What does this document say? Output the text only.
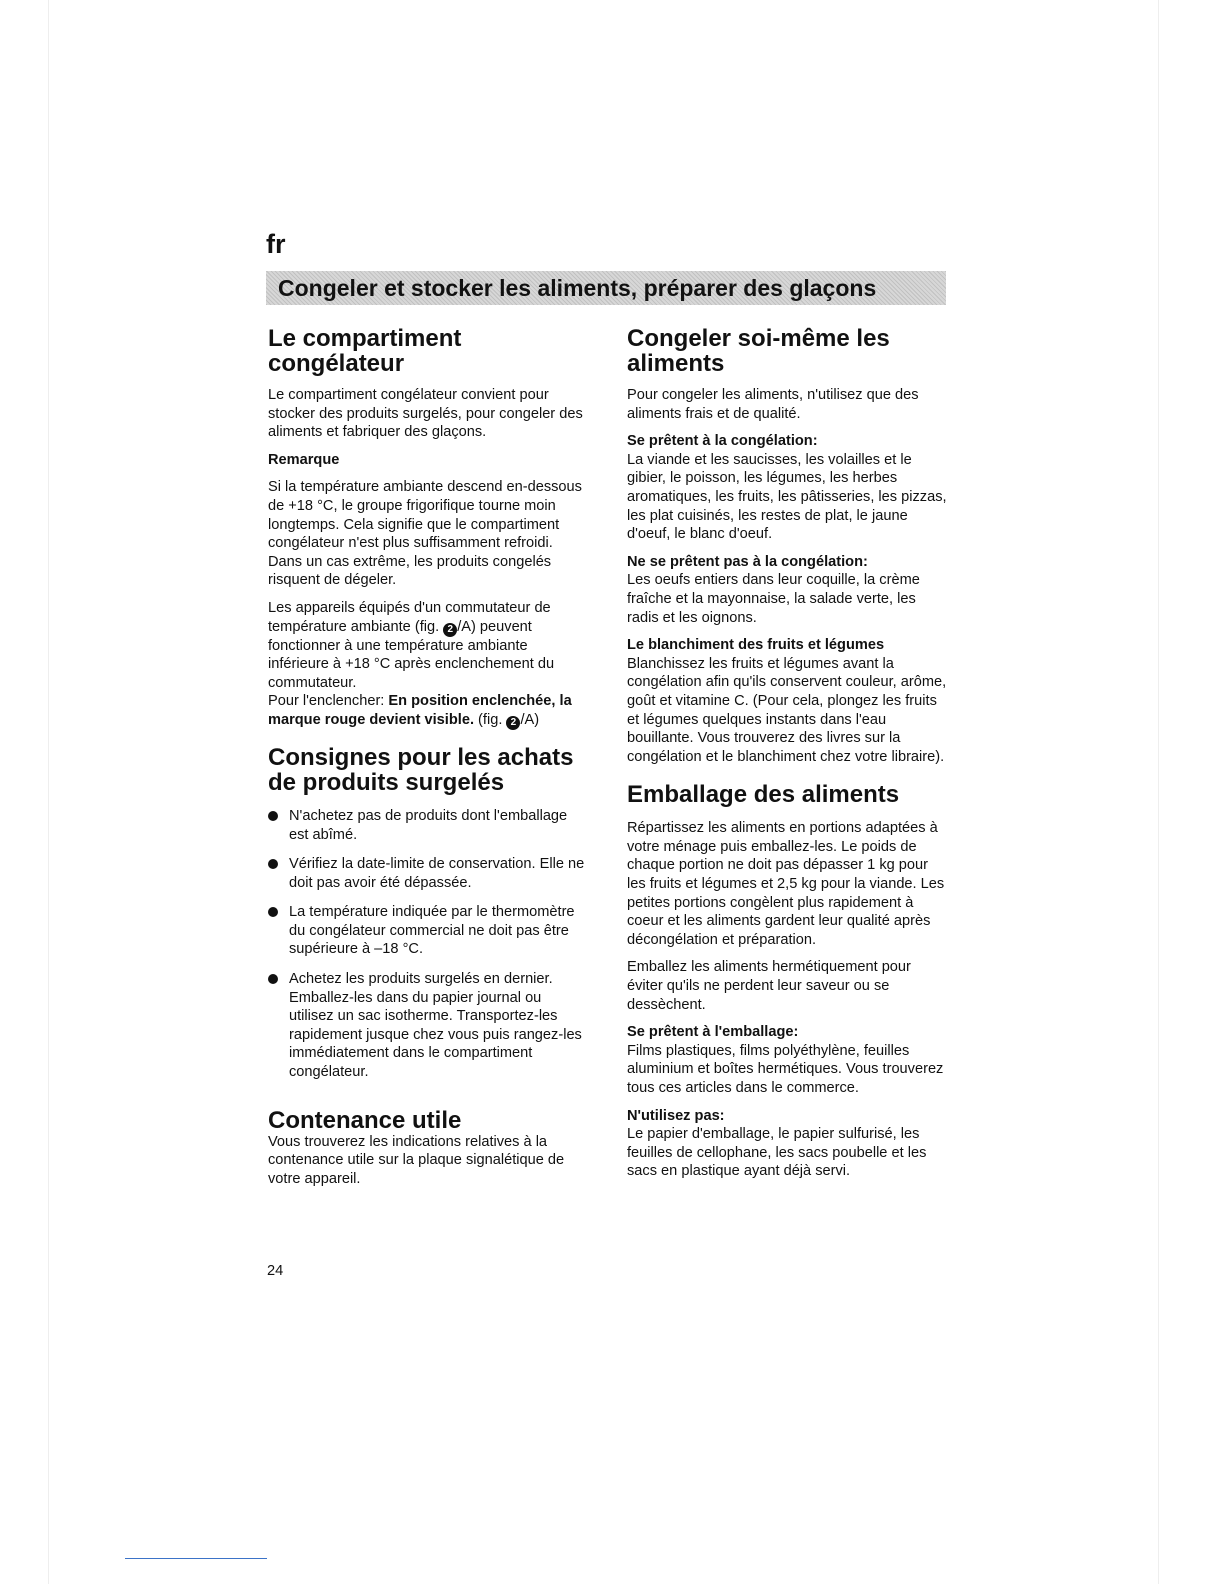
fr
Congeler et stocker les aliments, préparer des glaçons
Le compartiment
congélateur

Le compartiment congélateur convient pour stocker des produits surgelés, pour congeler des aliments et fabriquer des glaçons.

Remarque

Si la température ambiante descend en-dessous de +18 °C, le groupe frigorifique tourne moin longtemps. Cela signifie que le compartiment congélateur n'est plus suffisamment refroidi. Dans un cas extrême, les produits congelés risquent de dégeler.

Les appareils équipés d'un commutateur de température ambiante (fig. 2 /A) peuvent fonctionner à une température ambiante inférieure à +18 °C après enclenchement du commutateur.
Pour l'enclencher: En position enclenchée, la marque rouge devient visible. (fig. 2 /A)

Consignes pour les achats
de produits surgelés
N'achetez pas de produits dont l'emballage est abîmé.
Vérifiez la date-limite de conservation. Elle ne doit pas avoir été dépassée.
La température indiquée par le thermomètre du congélateur commercial ne doit pas être supérieure à –18 °C.
Achetez les produits surgelés en dernier. Emballez-les dans du papier journal ou utilisez un sac isotherme. Transportez-les rapidement jusque chez vous puis rangez-les immédiatement dans le compartiment congélateur.
Contenance utile

Vous trouverez les indications relatives à la contenance utile sur la plaque signalétique de votre appareil.

Congeler soi-même les
aliments

Pour congeler les aliments, n'utilisez que des aliments frais et de qualité.

Se prêtent à la congélation:

La viande et les saucisses, les volailles et le gibier, le poisson, les légumes, les herbes aromatiques, les fruits, les pâtisseries, les pizzas, les plat cuisinés, les restes de plat, le jaune d'oeuf, le blanc d'oeuf.

Ne se prêtent pas à la congélation:

Les oeufs entiers dans leur coquille, la crème fraîche et la mayonnaise, la salade verte, les radis et les oignons.

Le blanchiment des fruits et légumes

Blanchissez les fruits et légumes avant la congélation afin qu'ils conservent couleur, arôme, goût et vitamine C. (Pour cela, plongez les fruits et légumes quelques instants dans l'eau bouillante. Vous trouverez des livres sur la congélation et le blanchiment chez votre libraire).

Emballage des aliments

Répartissez les aliments en portions adaptées à votre ménage puis emballez-les. Le poids de chaque portion ne doit pas dépasser 1 kg pour les fruits et légumes et 2,5 kg pour la viande. Les petites portions congèlent plus rapidement à coeur et les aliments gardent leur qualité après décongélation et préparation.

Emballez les aliments hermétiquement pour éviter qu'ils ne perdent leur saveur ou se dessèchent.

Se prêtent à l'emballage:

Films plastiques, films polyéthylène, feuilles aluminium et boîtes hermétiques. Vous trouverez tous ces articles dans le commerce.

N'utilisez pas:

Le papier d'emballage, le papier sulfurisé, les feuilles de cellophane, les sacs poubelle et les sacs en plastique ayant déjà servi.

24
